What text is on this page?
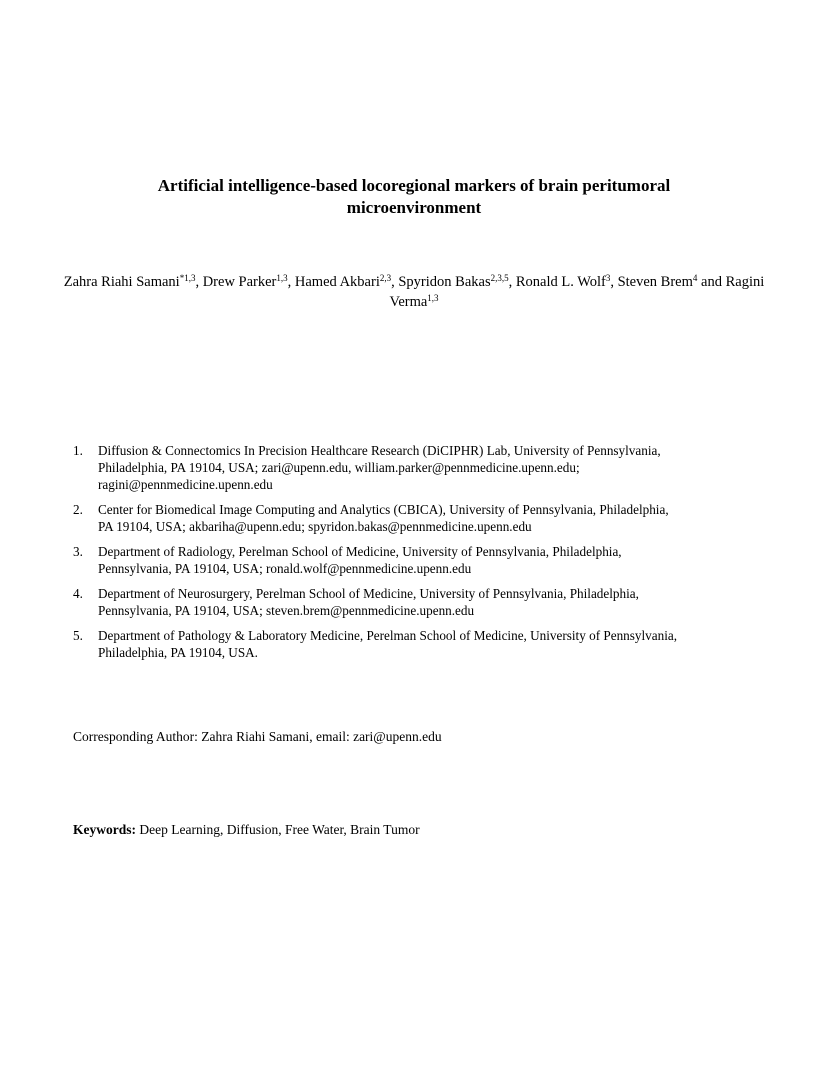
Artificial intelligence-based locoregional markers of brain peritumoral
microenvironment
Zahra Riahi Samani$^{*1,3}$, Drew Parker$^{1,3}$, Hamed Akbari$^{2,3}$, Spyridon Bakas$^{2,3,5}$, Ronald L. Wolf$^3$, Steven Brem$^4$ and Ragini Verma$^{1,3}$
1.	Diffusion & Connectomics In Precision Healthcare Research (DiCIPHR) Lab, University of Pennsylvania,
Philadelphia, PA 19104, USA; zari@upenn.edu, william.parker@pennmedicine.upenn.edu;
ragini@pennmedicine.upenn.edu
2.	Center for Biomedical Image Computing and Analytics (CBICA), University of Pennsylvania, Philadelphia,
PA 19104, USA; akbariha@upenn.edu; spyridon.bakas@pennmedicine.upenn.edu
3.	Department of Radiology, Perelman School of Medicine, University of Pennsylvania, Philadelphia,
Pennsylvania, PA 19104, USA; ronald.wolf@pennmedicine.upenn.edu
4.	Department of Neurosurgery, Perelman School of Medicine, University of Pennsylvania, Philadelphia,
Pennsylvania, PA 19104, USA; steven.brem@pennmedicine.upenn.edu
5.	Department of Pathology & Laboratory Medicine, Perelman School of Medicine, University of Pennsylvania,
Philadelphia, PA 19104, USA.
Corresponding Author: Zahra Riahi Samani, email: zari@upenn.edu
Keywords: Deep Learning, Diffusion, Free Water, Brain Tumor
